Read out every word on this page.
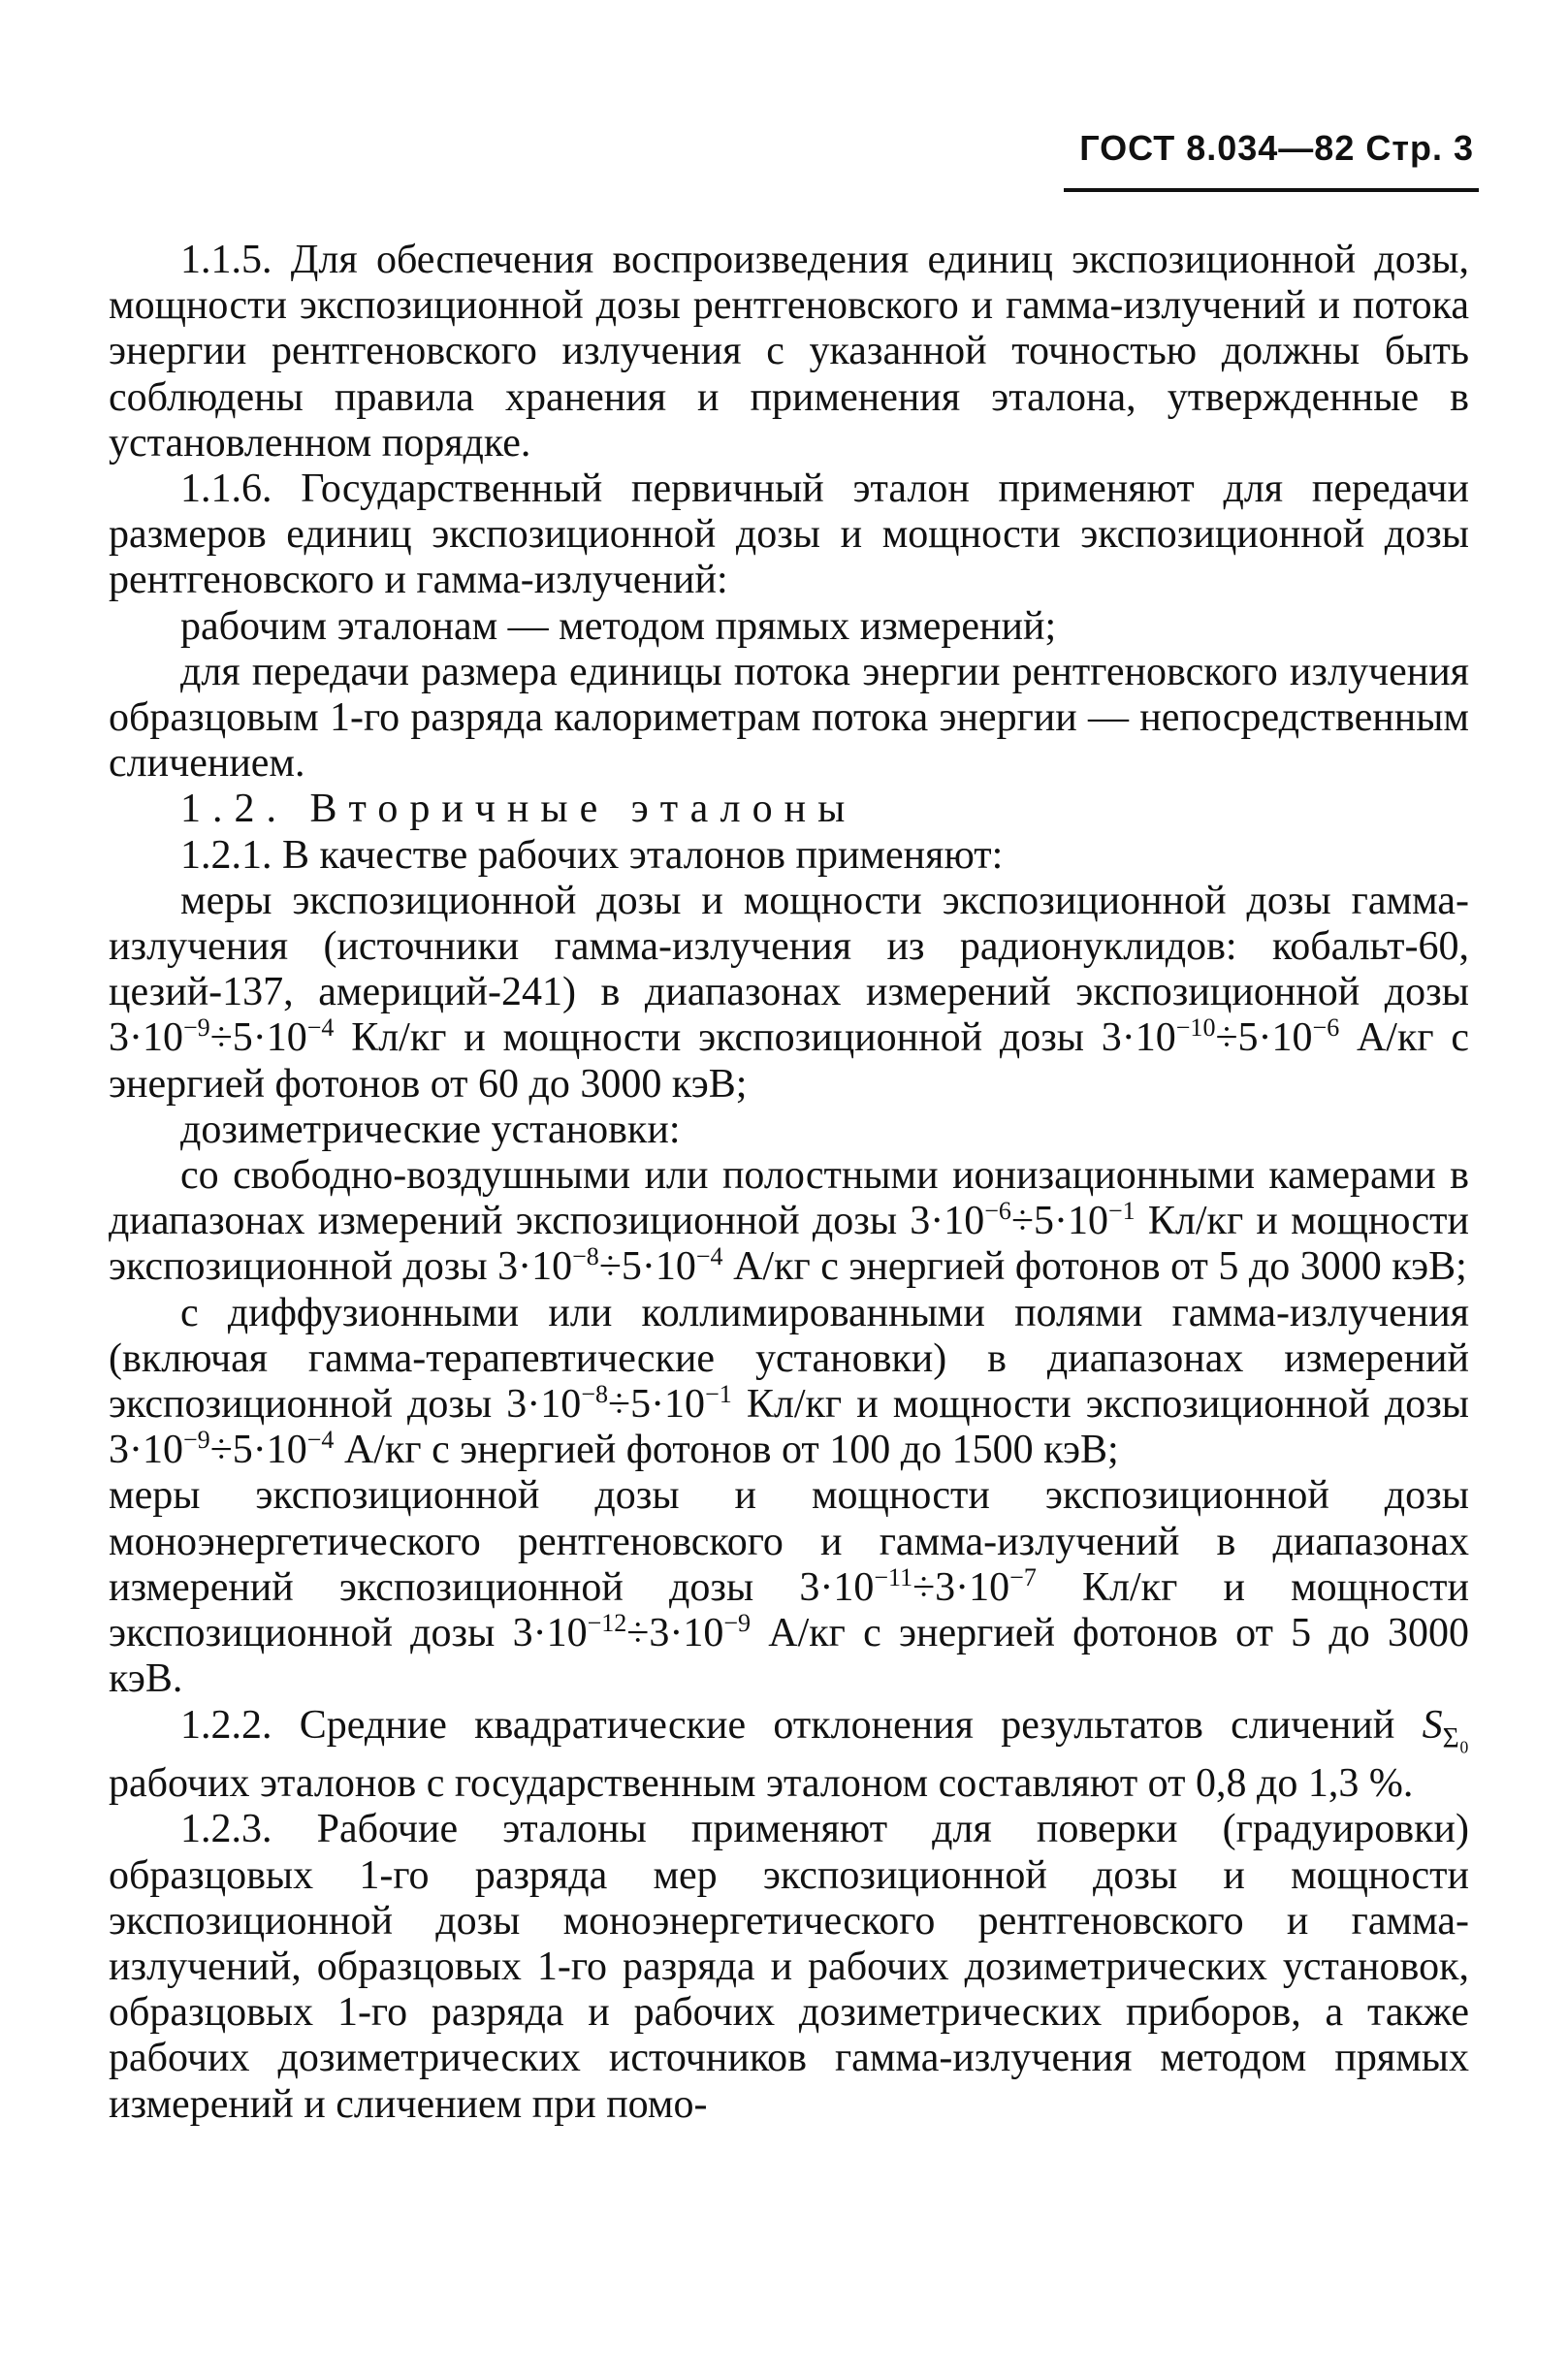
ГОСТ 8.034—82 Стр. 3

1.1.5. Для обеспечения воспроизведения единиц экспозиционной дозы, мощности экспозиционной дозы рентгеновского и гамма-излучений и потока энергии рентгеновского излучения с указанной точностью должны быть соблюдены правила хранения и применения эталона, утвержденные в установленном порядке.

1.1.6. Государственный первичный эталон применяют для передачи размеров единиц экспозиционной дозы и мощности экспозиционной дозы рентгеновского и гамма-излучений:

рабочим эталонам — методом прямых измерений;

для передачи размера единицы потока энергии рентгеновского излучения образцовым 1-го разряда калориметрам потока энергии — непосредственным сличением.

1.2. Вторичные эталоны

1.2.1. В качестве рабочих эталонов применяют:

меры экспозиционной дозы и мощности экспозиционной дозы гамма-излучения (источники гамма-излучения из радионуклидов: кобальт-60, цезий-137, америций-241) в диапазонах измерений экспозиционной дозы $3\cdot 10^{-9}\div 5\cdot 10^{-4}$ Кл/кг и мощности экспозиционной дозы $3\cdot 10^{-10}\div 5\cdot 10^{-6}$ А/кг с энергией фотонов от 60 до 3000 кэВ;

дозиметрические установки:

со свободно-воздушными или полостными ионизационными камерами в диапазонах измерений экспозиционной дозы $3\cdot 10^{-6}\div 5\cdot 10^{-1}$ Кл/кг и мощности экспозиционной дозы $3\cdot 10^{-8}\div 5\cdot 10^{-4}$ А/кг с энергией фотонов от 5 до 3000 кэВ;

с диффузионными или коллимированными полями гамма-излучения (включая гамма-терапевтические установки) в диапазонах измерений экспозиционной дозы $3\cdot 10^{-8}\div 5\cdot 10^{-1}$ Кл/кг и мощности экспозиционной дозы $3\cdot 10^{-9}\div 5\cdot 10^{-4}$ А/кг с энергией фотонов от 100 до 1500 кэВ;

меры экспозиционной дозы и мощности экспозиционной дозы моноэнергетического рентгеновского и гамма-излучений в диапазонах измерений экспозиционной дозы $3\cdot 10^{-11}\div 3\cdot 10^{-7}$ Кл/кг и мощности экспозиционной дозы $3\cdot 10^{-12}\div 3\cdot 10^{-9}$ А/кг с энергией фотонов от 5 до 3000 кэВ.

1.2.2. Средние квадратические отклонения результатов сличений $S_{\Sigma_0}$ рабочих эталонов с государственным эталоном составляют от 0,8 до 1,3 %.

1.2.3. Рабочие эталоны применяют для поверки (градуировки) образцовых 1-го разряда мер экспозиционной дозы и мощности экспозиционной дозы моноэнергетического рентгеновского и гамма-излучений, образцовых 1-го разряда и рабочих дозиметрических установок, образцовых 1-го разряда и рабочих дозиметрических приборов, а также рабочих дозиметрических источников гамма-излучения методом прямых измерений и сличением при помо-
